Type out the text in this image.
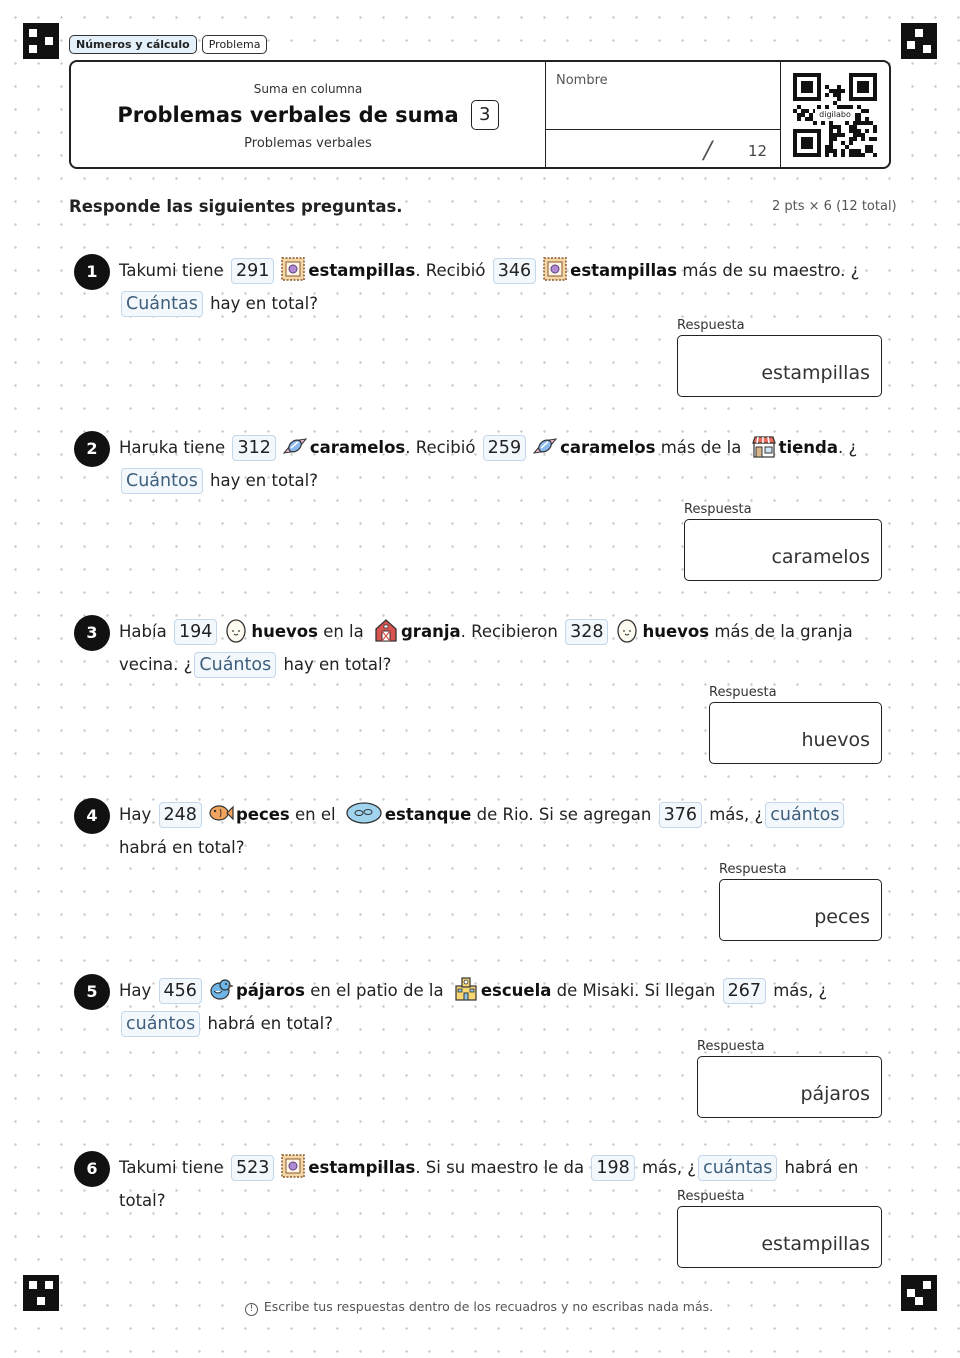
Números y cálculo	Problema
Suma en columna
Problemas verbales de suma	3
Problemas verbales
Nombre
/ 12
digilabo
Responde las siguientes preguntas.	2 pts × 6 (12 total)
1	Takumi tiene 291 estampillas. Recibió 346 estampillas más de su maestro. ¿Cuántas hay en total?
Respuesta
estampillas
2	Haruka tiene 312 caramelos. Recibió 259 caramelos más de la
tienda. ¿Cuántos hay en total?
Respuesta
caramelos
3	Había 194 huevos en la
granja. Recibieron 328 huevos más de la granja vecina. ¿ Cuántos hay en total?
Respuesta
huevos
4	Hay 248 peces en el	estanque de Rio. Si se agregan 376 más, ¿ cuántos habrá en total?
Respuesta
peces
5	Hay 456 pájaros en el patio de la
escuela de Misaki. Si llegan 267 más, ¿cuántos habrá en total?
Respuesta
pájaros
6	Takumi tiene 523 estampillas. Si su maestro le da 198 más, ¿ cuántas habrá en total?	Respuesta
estampillas
! Escribe tus respuestas dentro de los recuadros y no escribas nada más.
